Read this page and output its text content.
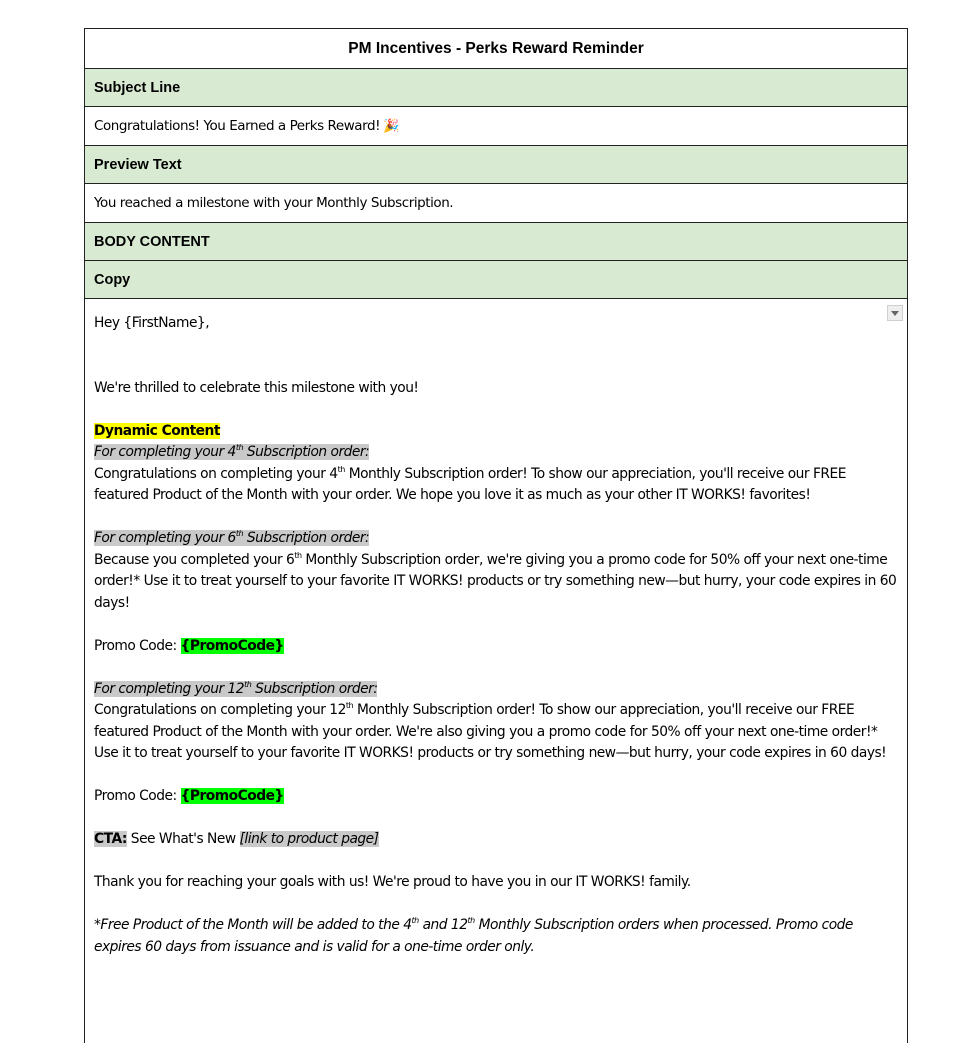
PM Incentives - Perks Reward Reminder
Subject Line
Congratulations! You Earned a Perks Reward! 🎉
Preview Text
You reached a milestone with your Monthly Subscription.
BODY CONTENT
Copy

Hey {FirstName},

We're thrilled to celebrate this milestone with you!

Dynamic Content

For completing your 4th Subscription order:

Congratulations on completing your 4th Monthly Subscription order! To show our appreciation, you'll receive our FREE featured Product of the Month with your order. We hope you love it as much as your other IT WORKS! favorites!

For completing your 6th Subscription order:

Because you completed your 6th Monthly Subscription order, we're giving you a promo code for 50% off your next one-time order!* Use it to treat yourself to your favorite IT WORKS! products or try something new—but hurry, your code expires in 60 days!

Promo Code: {PromoCode}

For completing your 12th Subscription order:

Congratulations on completing your 12th Monthly Subscription order! To show our appreciation, you'll receive our FREE featured Product of the Month with your order. We're also giving you a promo code for 50% off your next one-time order!* Use it to treat yourself to your favorite IT WORKS! products or try something new—but hurry, your code expires in 60 days!

Promo Code: {PromoCode}

CTA: See What's New [link to product page]

Thank you for reaching your goals with us! We're proud to have you in our IT WORKS! family.

*Free Product of the Month will be added to the 4th and 12th Monthly Subscription orders when processed. Promo code expires 60 days from issuance and is valid for a one-time order only.
